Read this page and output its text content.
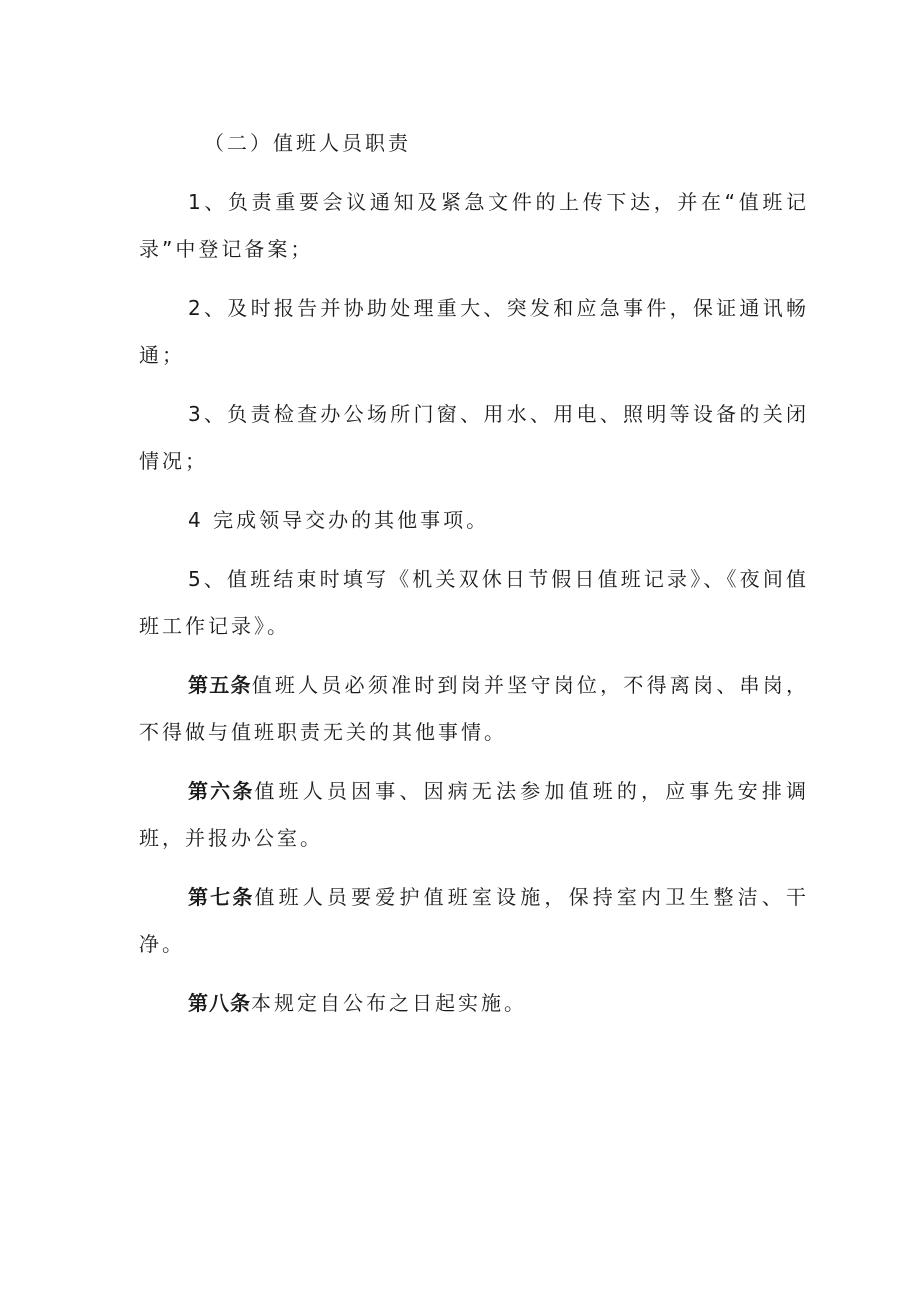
（二）值班人员职责

1、负责重要会议通知及紧急文件的上传下达，并在“值班记录”中登记备案；

2、及时报告并协助处理重大、突发和应急事件，保证通讯畅通；

3、负责检查办公场所门窗、用水、用电、照明等设备的关闭情况；

4 完成领导交办的其他事项。

5、值班结束时填写《机关双休日节假日值班记录》、《夜间值班工作记录》。

第五条值班人员必须准时到岗并坚守岗位，不得离岗、串岗，不得做与值班职责无关的其他事情。

第六条值班人员因事、因病无法参加值班的，应事先安排调班，并报办公室。

第七条值班人员要爱护值班室设施，保持室内卫生整洁、干净。

第八条本规定自公布之日起实施。
